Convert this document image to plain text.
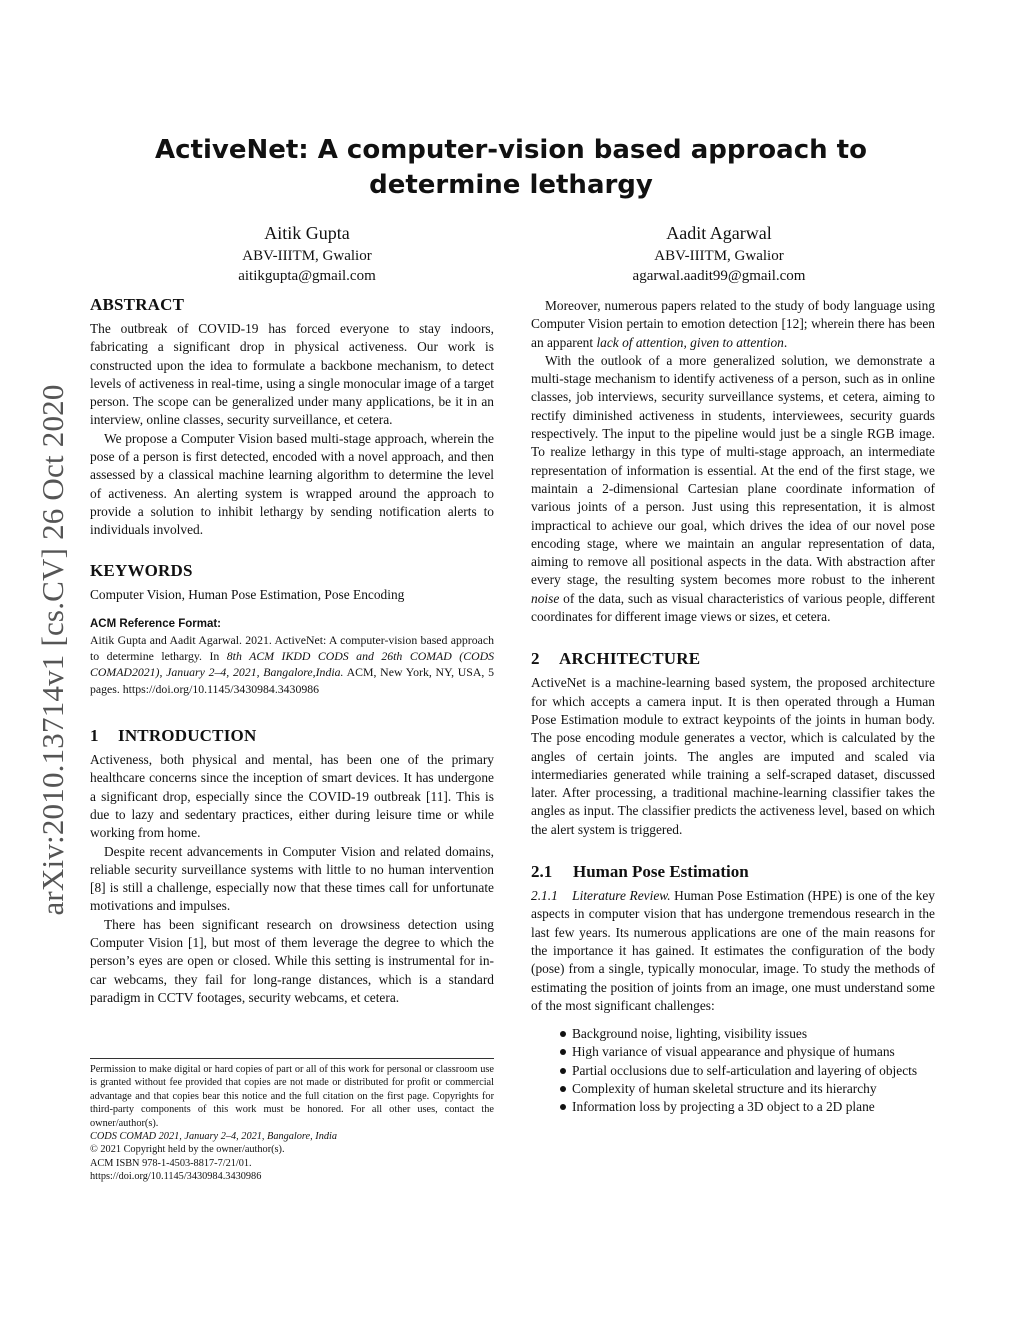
arXiv:2010.13714v1 [cs.CV] 26 Oct 2020
ActiveNet: A computer-vision based approach to determine lethargy
Aitik Gupta
ABV-IIITM, Gwalior
aitikgupta@gmail.com
Aadit Agarwal
ABV-IIITM, Gwalior
agarwal.aadit99@gmail.com
ABSTRACT

The outbreak of COVID-19 has forced everyone to stay indoors, fabricating a significant drop in physical activeness. Our work is constructed upon the idea to formulate a backbone mechanism, to detect levels of activeness in real-time, using a single monocular image of a target person. The scope can be generalized under many applications, be it in an interview, online classes, security surveillance, et cetera.

We propose a Computer Vision based multi-stage approach, wherein the pose of a person is first detected, encoded with a novel approach, and then assessed by a classical machine learning algorithm to determine the level of activeness. An alerting system is wrapped around the approach to provide a solution to inhibit lethargy by sending notification alerts to individuals involved.

KEYWORDS

Computer Vision, Human Pose Estimation, Pose Encoding

ACM Reference Format:

Aitik Gupta and Aadit Agarwal. 2021. ActiveNet: A computer-vision based approach to determine lethargy. In 8th ACM IKDD CODS and 26th COMAD (CODS COMAD2021), January 2–4, 2021, Bangalore,India. ACM, New York, NY, USA, 5 pages. https://doi.org/10.1145/3430984.3430986

1 INTRODUCTION

Activeness, both physical and mental, has been one of the primary healthcare concerns since the inception of smart devices. It has undergone a significant drop, especially since the COVID-19 outbreak [11]. This is due to lazy and sedentary practices, either during leisure time or while working from home.

Despite recent advancements in Computer Vision and related domains, reliable security surveillance systems with little to no human intervention [8] is still a challenge, especially now that these times call for unfortunate motivations and impulses.

There has been significant research on drowsiness detection using Computer Vision [1], but most of them leverage the degree to which the person’s eyes are open or closed. While this setting is instrumental for in-car webcams, they fail for long-range distances, which is a standard paradigm in CCTV footages, security webcams, et cetera.

Permission to make digital or hard copies of part or all of this work for personal or classroom use is granted without fee provided that copies are not made or distributed for profit or commercial advantage and that copies bear this notice and the full citation on the first page. Copyrights for third-party components of this work must be honored. For all other uses, contact the owner/author(s).

CODS COMAD 2021, January 2–4, 2021, Bangalore, India

© 2021 Copyright held by the owner/author(s).

ACM ISBN 978-1-4503-8817-7/21/01.

https://doi.org/10.1145/3430984.3430986

Moreover, numerous papers related to the study of body language using Computer Vision pertain to emotion detection [12]; wherein there has been an apparent lack of attention, given to attention.

With the outlook of a more generalized solution, we demonstrate a multi-stage mechanism to identify activeness of a person, such as in online classes, job interviews, security surveillance systems, et cetera, aiming to rectify diminished activeness in students, interviewees, security guards respectively. The input to the pipeline would just be a single RGB image. To realize lethargy in this type of multi-stage approach, an intermediate representation of information is essential. At the end of the first stage, we maintain a 2-dimensional Cartesian plane coordinate information of various joints of a person. Just using this representation, it is almost impractical to achieve our goal, which drives the idea of our novel pose encoding stage, where we maintain an angular representation of data, aiming to remove all positional aspects in the data. With abstraction after every stage, the resulting system becomes more robust to the inherent noise of the data, such as visual characteristics of various people, different coordinates for different image views or sizes, et cetera.

2 ARCHITECTURE

ActiveNet is a machine-learning based system, the proposed architecture for which accepts a camera input. It is then operated through a Human Pose Estimation module to extract keypoints of the joints in human body. The pose encoding module generates a vector, which is calculated by the angles of certain joints. The angles are imputed and scaled via intermediaries generated while training a self-scraped dataset, discussed later. After processing, a traditional machine-learning classifier takes the angles as input. The classifier predicts the activeness level, based on which the alert system is triggered.

2.1 Human Pose Estimation

2.1.1    Literature Review. Human Pose Estimation (HPE) is one of the key aspects in computer vision that has undergone tremendous research in the last few years. Its numerous applications are one of the main reasons for the importance it has gained. It estimates the configuration of the body (pose) from a single, typically monocular, image. To study the methods of estimating the position of joints from an image, one must understand some of the most significant challenges:

Background noise, lighting, visibility issues
High variance of visual appearance and physique of humans
Partial occlusions due to self-articulation and layering of objects
Complexity of human skeletal structure and its hierarchy
Information loss by projecting a 3D object to a 2D plane
